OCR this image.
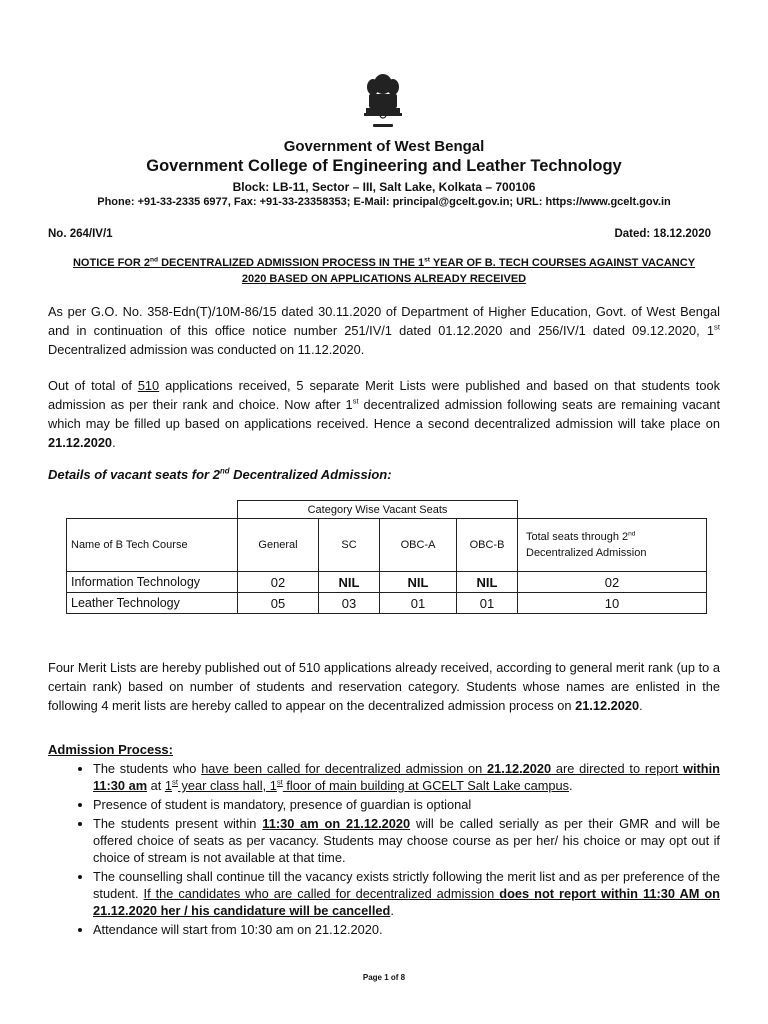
Government of West Bengal
Government College of Engineering and Leather Technology
Block: LB-11, Sector – III, Salt Lake, Kolkata – 700106
Phone: +91-33-2335 6977, Fax: +91-33-23358353; E-Mail: principal@gcelt.gov.in; URL: https://www.gcelt.gov.in
No. 264/IV/1	Dated: 18.12.2020
NOTICE FOR 2nd DECENTRALIZED ADMISSION PROCESS IN THE 1st YEAR OF B. TECH COURSES AGAINST VACANCY
2020 BASED ON APPLICATIONS ALREADY RECEIVED
As per G.O. No. 358-Edn(T)/10M-86/15 dated 30.11.2020 of Department of Higher Education, Govt. of West Bengal and in continuation of this office notice number 251/IV/1 dated 01.12.2020 and 256/IV/1 dated 09.12.2020, 1st Decentralized admission was conducted on 11.12.2020.
Out of total of 510 applications received, 5 separate Merit Lists were published and based on that students took admission as per their rank and choice. Now after 1st decentralized admission following seats are remaining vacant which may be filled up based on applications received. Hence a second decentralized admission will take place on 21.12.2020.
Details of vacant seats for 2nd Decentralized Admission:
	Category Wise Vacant Seats				
Name of B Tech Course	General	SC	OBC-A	OBC-B	Total seats through 2nd
Decentralized Admission
Information Technology	02	NIL	NIL	NIL	02
Leather Technology	05	03	01	01	10
Four Merit Lists are hereby published out of 510 applications already received, according to general merit rank (up to a certain rank) based on number of students and reservation category. Students whose names are enlisted in the following 4 merit lists are hereby called to appear on the decentralized admission process on 21.12.2020.
Admission Process:
• The students who have been called for decentralized admission on 21.12.2020 are directed to report within 11:30 am at 1st year class hall, 1st floor of main building at GCELT Salt Lake campus.
• Presence of student is mandatory, presence of guardian is optional
• The students present within 11:30 am on 21.12.2020 will be called serially as per their GMR and will be offered choice of seats as per vacancy. Students may choose course as per her/ his choice or may opt out if choice of stream is not available at that time.
• The counselling shall continue till the vacancy exists strictly following the merit list and as per preference of the student. If the candidates who are called for decentralized admission does not report within 11:30 AM on 21.12.2020 her / his candidature will be cancelled.
• Attendance will start from 10:30 am on 21.12.2020.
Page 1 of 8
